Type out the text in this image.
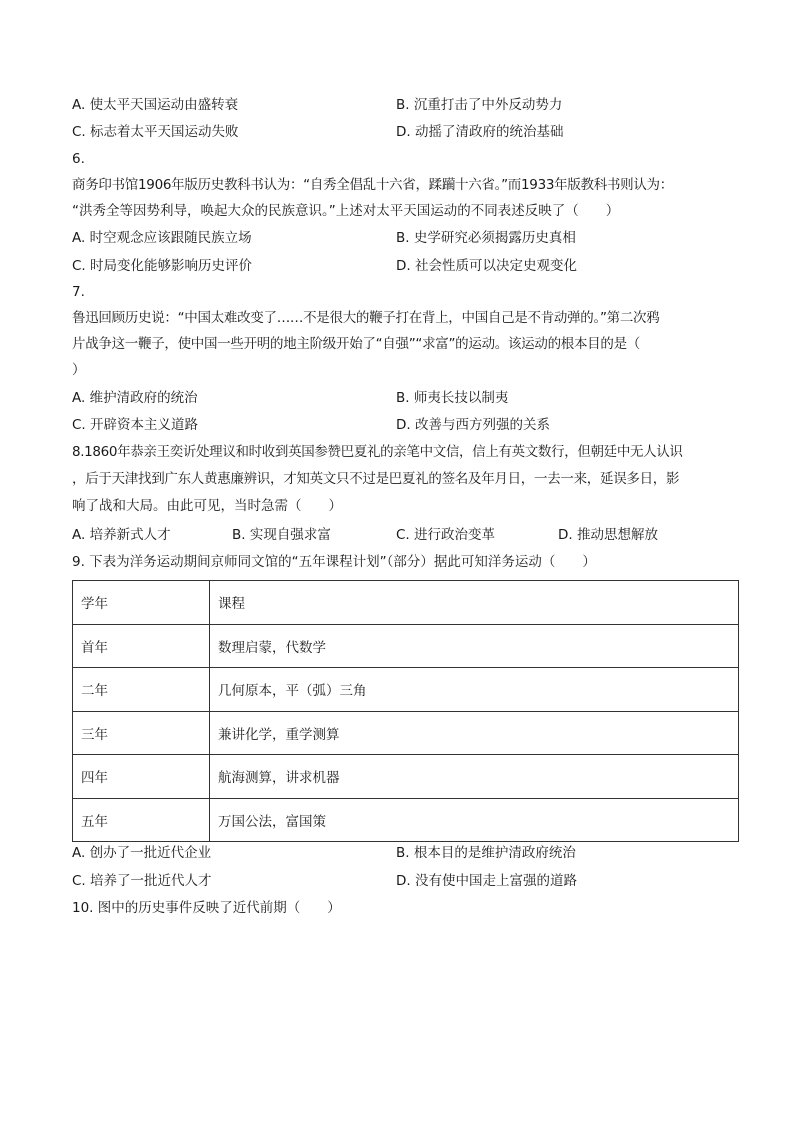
A. 使太平天国运动由盛转衰	B. 沉重打击了中外反动势力
C. 标志着太平天国运动失败	D. 动摇了清政府的统治基础
6.
商务印书馆1906年版历史教科书认为：“自秀全倡乱十六省，蹂躏十六省。”而1933年版教科书则认为：
“洪秀全等因势利导，唤起大众的民族意识。”上述对太平天国运动的不同表述反映了（　　）
A. 时空观念应该跟随民族立场	B. 史学研究必须揭露历史真相
C. 时局变化能够影响历史评价	D. 社会性质可以决定史观变化
7.
鲁迅回顾历史说：“中国太难改变了……不是很大的鞭子打在背上，中国自己是不肯动弹的。”第二次鸦
片战争这一鞭子，使中国一些开明的地主阶级开始了“自强”“求富”的运动。该运动的根本目的是（
）
A. 维护清政府的统治	B. 师夷长技以制夷
C. 开辟资本主义道路	D. 改善与西方列强的关系
8.1860年恭亲王奕䜣处理议和时收到英国参赞巴夏礼的亲笔中文信，信上有英文数行，但朝廷中无人认识
，后于天津找到广东人黄惠廉辨识，才知英文只不过是巴夏礼的签名及年月日，一去一来，延误多日，影
响了战和大局。由此可见，当时急需（　　）
A. 培养新式人才	B. 实现自强求富	C. 进行政治变革	D. 推动思想解放
9. 下表为洋务运动期间京师同文馆的“五年课程计划”（部分）据此可知洋务运动（　　）
学年	课程
首年	数理启蒙，代数学
二年	几何原本，平（弧）三角
三年	兼讲化学，重学测算
四年	航海测算，讲求机器
五年	万国公法，富国策
A. 创办了一批近代企业	B. 根本目的是维护清政府统治
C. 培养了一批近代人才	D. 没有使中国走上富强的道路
10. 图中的历史事件反映了近代前期（　　）
